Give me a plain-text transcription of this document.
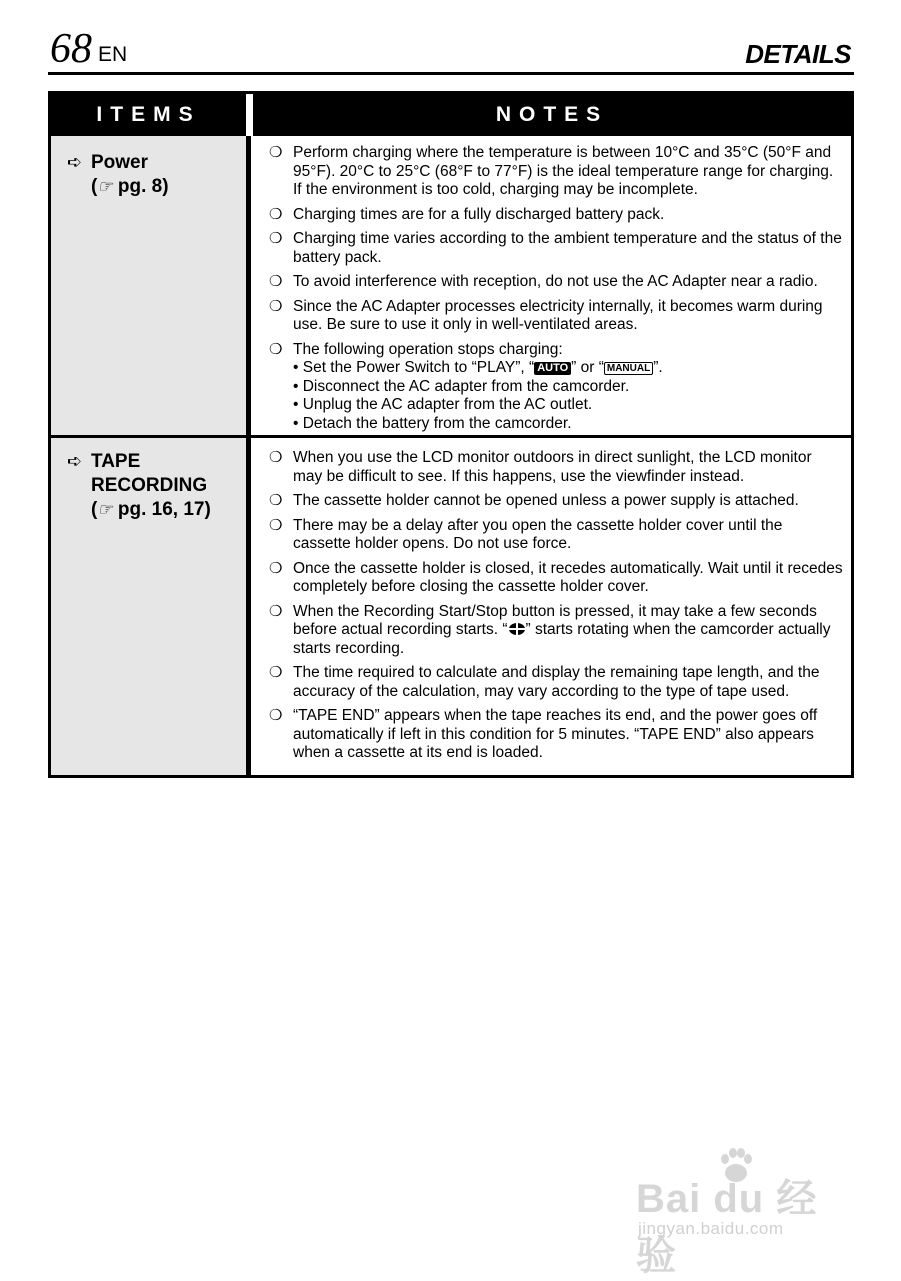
68 EN	DETAILS
ITEMS	NOTES
➪ Power
(☞ pg. 8)
❍ Perform charging where the temperature is between 10°C and 35°C (50°F and 95°F). 20°C to 25°C (68°F to 77°F) is the ideal temperature range for charging. If the environment is too cold, charging may be incomplete.
❍ Charging times are for a fully discharged battery pack.
❍ Charging time varies according to the ambient temperature and the status of the battery pack.
❍ To avoid interference with reception, do not use the AC Adapter near a radio.
❍ Since the AC Adapter processes electricity internally, it becomes warm during use. Be sure to use it only in well-ventilated areas.
❍ The following operation stops charging:
• Set the Power Switch to “PLAY”, “ AUTO ” or “ MANUAL ”.
• Disconnect the AC adapter from the camcorder.
• Unplug the AC adapter from the AC outlet.
• Detach the battery from the camcorder.
➪ TAPE
RECORDING
(☞ pg. 16, 17)
❍ When you use the LCD monitor outdoors in direct sunlight, the LCD monitor may be difficult to see. If this happens, use the viewfinder instead.
❍ The cassette holder cannot be opened unless a power supply is attached.
❍ There may be a delay after you open the cassette holder cover until the cassette holder opens. Do not use force.
❍ Once the cassette holder is closed, it recedes automatically. Wait until it recedes completely before closing the cassette holder cover.
❍ When the Recording Start/Stop button is pressed, it may take a few seconds before actual recording starts. “ ” starts rotating when the camcorder actually starts recording.
❍ The time required to calculate and display the remaining tape length, and the accuracy of the calculation, may vary according to the type of tape used.
❍ “TAPE END” appears when the tape reaches its end, and the power goes off automatically if left in this condition for 5 minutes. “TAPE END” also appears when a cassette at its end is loaded.
Bai du 经验
jingyan.baidu.com
